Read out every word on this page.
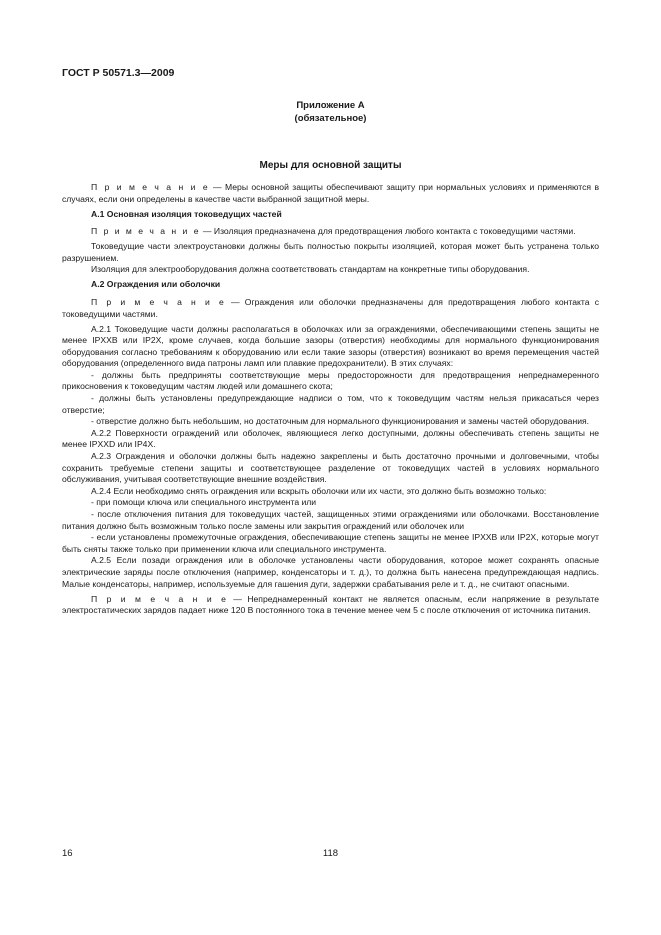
ГОСТ Р 50571.3—2009
Приложение А
(обязательное)
Меры для основной защиты

П р и м е ч а н и е — Меры основной защиты обеспечивают защиту при нормальных условиях и применяются в случаях, если они определены в качестве части выбранной защитной меры.

А.1 Основная изоляция токоведущих частей

П р и м е ч а н и е — Изоляция предназначена для предотвращения любого контакта с токоведущими частями.

Токоведущие части электроустановки должны быть полностью покрыты изоляцией, которая может быть устранена только разрушением.

Изоляция для электрооборудования должна соответствовать стандартам на конкретные типы оборудования.

А.2 Ограждения или оболочки

П р и м е ч а н и е — Ограждения или оболочки предназначены для предотвращения любого контакта с токоведущими частями.

А.2.1 Токоведущие части должны располагаться в оболочках или за ограждениями, обеспечивающими степень защиты не менее IPXXB или IP2X, кроме случаев, когда большие зазоры (отверстия) необходимы для нормального функционирования оборудования согласно требованиям к оборудованию или если такие зазоры (отверстия) возникают во время перемещения частей оборудования (определенного вида патроны ламп или плавкие предохранители). В этих случаях:

- должны быть предприняты соответствующие меры предосторожности для предотвращения непреднамеренного прикосновения к токоведущим частям людей или домашнего скота;

- должны быть установлены предупреждающие надписи о том, что к токоведущим частям нельзя прикасаться через отверстие;

- отверстие должно быть небольшим, но достаточным для нормального функционирования и замены частей оборудования.

А.2.2 Поверхности ограждений или оболочек, являющиеся легко доступными, должны обеспечивать степень защиты не менее IPXXD или IP4X.

А.2.3 Ограждения и оболочки должны быть надежно закреплены и быть достаточно прочными и долговечными, чтобы сохранить требуемые степени защиты и соответствующее разделение от токоведущих частей в условиях нормального обслуживания, учитывая соответствующие внешние воздействия.

А.2.4 Если необходимо снять ограждения или вскрыть оболочки или их части, это должно быть возможно только:

- при помощи ключа или специального инструмента или

- после отключения питания для токоведущих частей, защищенных этими ограждениями или оболочками. Восстановление питания должно быть возможным только после замены или закрытия ограждений или оболочек или

- если установлены промежуточные ограждения, обеспечивающие степень защиты не менее IPXXB или IP2X, которые могут быть сняты также только при применении ключа или специального инструмента.

А.2.5 Если позади ограждения или в оболочке установлены части оборудования, которое может сохранять опасные электрические заряды после отключения (например, конденсаторы и т. д.), то должна быть нанесена предупреждающая надпись. Малые конденсаторы, например, используемые для гашения дуги, задержки срабатывания реле и т. д., не считают опасными.

П р и м е ч а н и е — Непреднамеренный контакт не является опасным, если напряжение в результате электростатических зарядов падает ниже 120 В постоянного тока в течение менее чем 5 с после отключения от источника питания.

16	118
